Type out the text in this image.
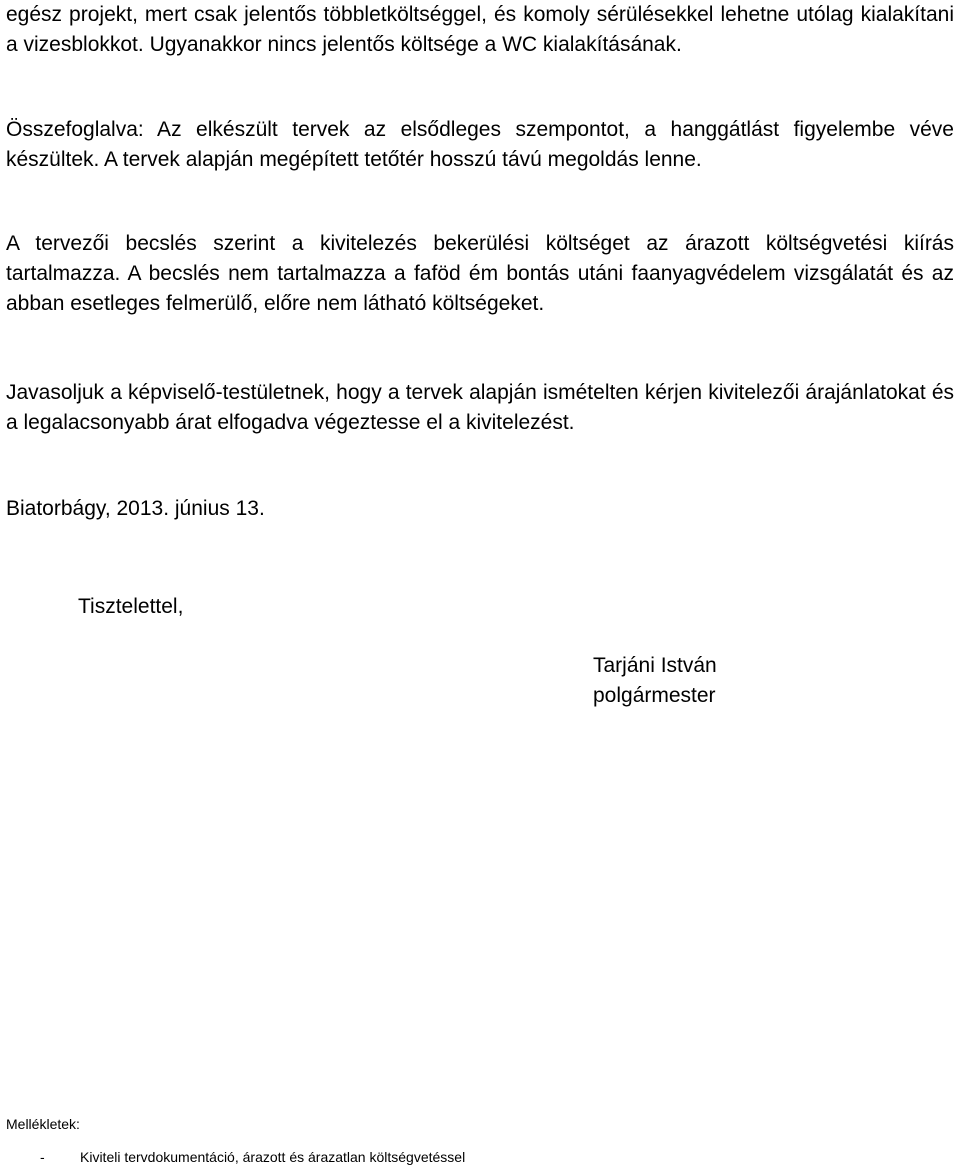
egész projekt, mert csak jelentős többletköltséggel, és komoly sérülésekkel lehetne utólag kialakítani a vizesblokkot. Ugyanakkor nincs jelentős költsége a WC kialakításának.

Összefoglalva: Az elkészült tervek az elsődleges szempontot, a hanggátlást figyelembe véve készültek. A tervek alapján megépített tetőtér hosszú távú megoldás lenne.

A tervezői becslés szerint a kivitelezés bekerülési költséget az árazott költségvetési kiírás tartalmazza. A becslés nem tartalmazza a faföd ém bontás utáni faanyagvédelem vizsgálatát és az abban esetleges felmerülő, előre nem látható költségeket.

Javasoljuk a képviselő-testületnek, hogy a tervek alapján ismételten kérjen kivitelezői árajánlatokat és a legalacsonyabb árat elfogadva végeztesse el a kivitelezést.

Biatorbágy, 2013. június 13.

Tisztelettel,

Tarjáni István
polgármester

Mellékletek:

-	Kiviteli tervdokumentáció, árazott és árazatlan költségvetéssel
